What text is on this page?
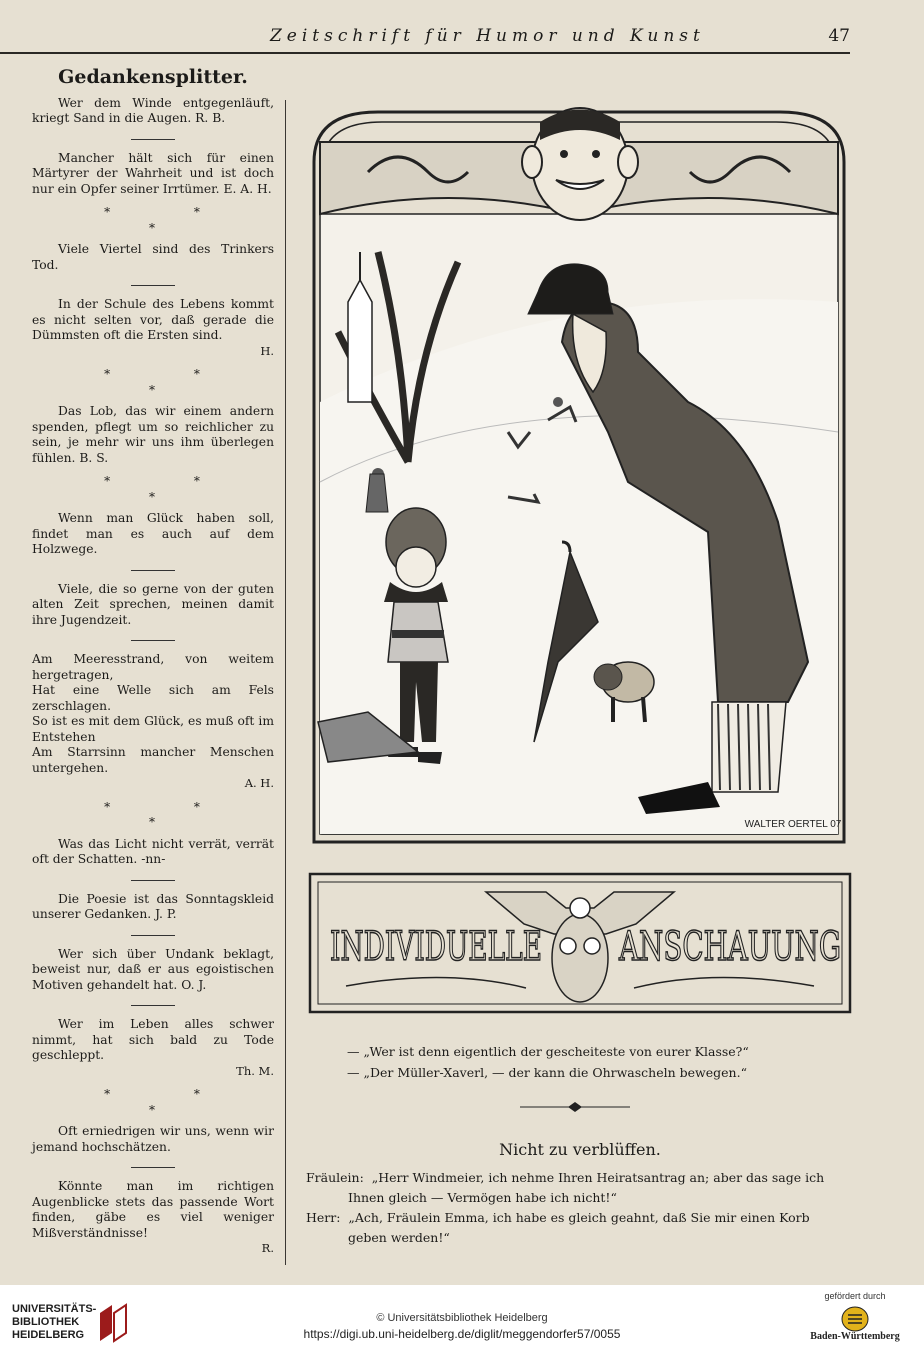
Zeitschrift für Humor und Kunst	47
Gedankensplitter.

Wer dem Winde entgegenläuft, kriegt Sand in die Augen. R. B.

Mancher hält sich für einen Märtyrer der Wahrheit und ist doch nur ein Opfer seiner Irrtümer. E. A. H.

* * *

Viele Viertel sind des Trinkers Tod.

In der Schule des Lebens kommt es nicht selten vor, daß gerade die Dümmsten oft die Ersten sind.

H.

* * *

Das Lob, das wir einem andern spenden, pflegt um so reichlicher zu sein, je mehr wir uns ihm überlegen fühlen. B. S.

* * *

Wenn man Glück haben soll, findet man es auch auf dem Holzwege.

Viele, die so gerne von der guten alten Zeit sprechen, meinen damit ihre Jugendzeit.

Am Meeresstrand, von weitem hergetragen,

Hat eine Welle sich am Fels zerschlagen.

So ist es mit dem Glück, es muß oft im Entstehen

Am Starrsinn mancher Menschen untergehen.

A. H.

* * *

Was das Licht nicht verrät, verrät oft der Schatten. -nn-

Die Poesie ist das Sonntagskleid unserer Gedanken. J. P.

Wer sich über Undank beklagt, beweist nur, daß er aus egoistischen Motiven gehandelt hat. O. J.

Wer im Leben alles schwer nimmt, hat sich bald zu Tode geschleppt.

Th. M.

* * *

Oft erniedrigen wir uns, wenn wir jemand hochschätzen.

Könnte man im richtigen Augenblicke stets das passende Wort finden, gäbe es viel weniger Mißverständnisse!

R.

WALTER OERTEL 07
INDIVIDUELLE ANSCHAUUNG

— „Wer ist denn eigentlich der gescheiteste von eurer Klasse?“

— „Der Müller-Xaverl, — der kann die Ohrwascheln bewegen.“

Nicht zu verblüffen.

Fräulein: „Herr Windmeier, ich nehme Ihren Heiratsantrag an; aber das sage ich

Ihnen gleich — Vermögen habe ich nicht!“

Herr: „Ach, Fräulein Emma, ich habe es gleich geahnt, daß Sie mir einen Korb

geben werden!“

UNIVERSITÄTS-
BIBLIOTHEK
HEIDELBERG
© Universitätsbibliothek Heidelberg
https://digi.ub.uni-heidelberg.de/diglit/meggendorfer57/0055
gefördert durch
Baden-Württemberg
